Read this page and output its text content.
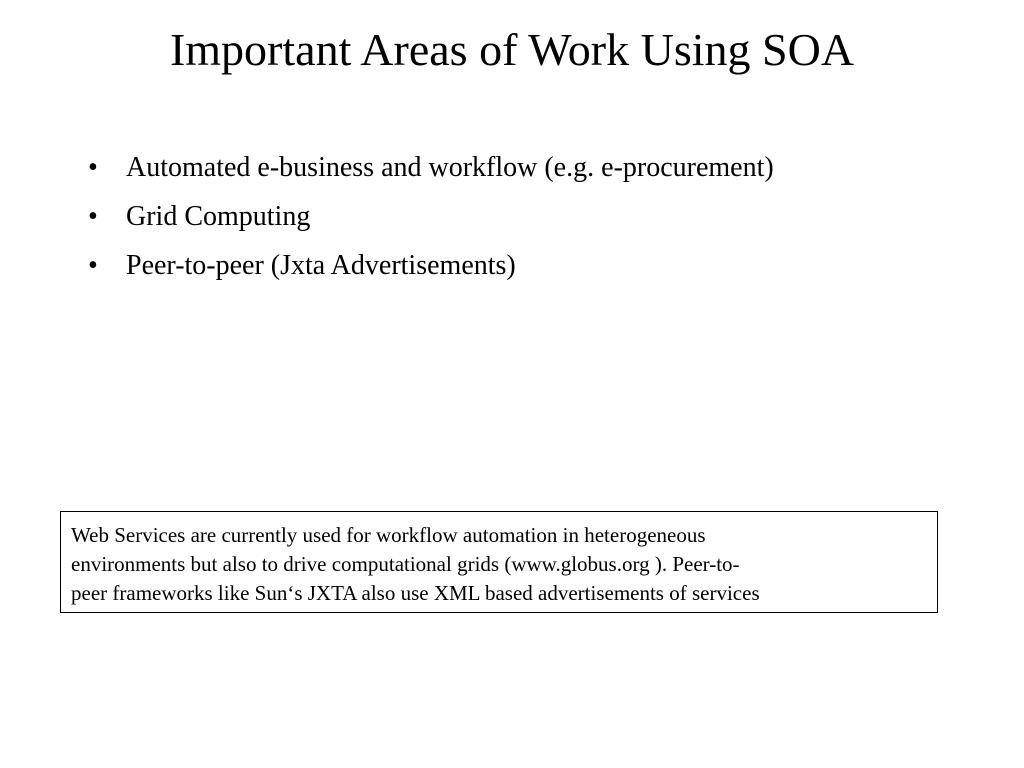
Important Areas of Work Using SOA
•	Automated e-business and workflow (e.g. e-procurement)
•	Grid Computing
•	Peer-to-peer (Jxta Advertisements)
Web Services are currently used for workflow automation in heterogeneous
environments but also to drive computational grids (www.globus.org ). Peer-to-
peer frameworks like Sun‘s JXTA also use XML based advertisements of services
